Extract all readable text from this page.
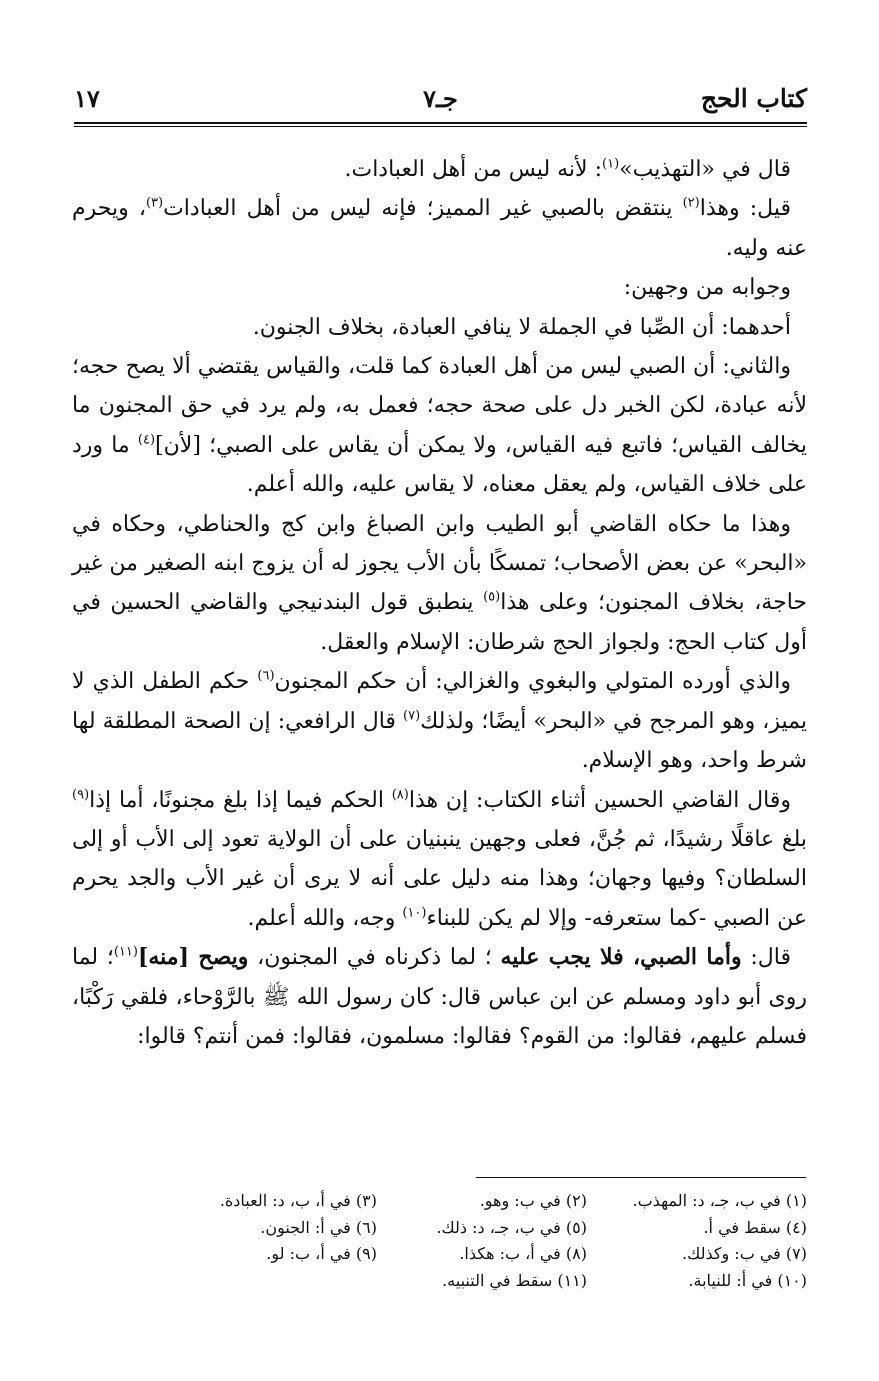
كتاب الحج
جـ٧
١٧

قال في «التهذيب»$^{(١)}$: لأنه ليس من أهل العبادات.

قيل: وهذا$^{(٢)}$ ينتقض بالصبي غير المميز؛ فإنه ليس من أهل العبادات$^{(٣)}$، ويحرم عنه وليه.

وجوابه من وجهين:

أحدهما: أن الصِّبا في الجملة لا ينافي العبادة، بخلاف الجنون.

والثاني: أن الصبي ليس من أهل العبادة كما قلت، والقياس يقتضي ألا يصح حجه؛ لأنه عبادة، لكن الخبر دل على صحة حجه؛ فعمل به، ولم يرد في حق المجنون ما يخالف القياس؛ فاتبع فيه القياس، ولا يمكن أن يقاس على الصبي؛ [لأن]$^{(٤)}$ ما ورد على خلاف القياس، ولم يعقل معناه، لا يقاس عليه، والله أعلم.

وهذا ما حكاه القاضي أبو الطيب وابن الصباغ وابن كج والحناطي، وحكاه في «البحر» عن بعض الأصحاب؛ تمسكًا بأن الأب يجوز له أن يزوج ابنه الصغير من غير حاجة، بخلاف المجنون؛ وعلى هذا$^{(٥)}$ ينطبق قول البندنيجي والقاضي الحسين في أول كتاب الحج: ولجواز الحج شرطان: الإسلام والعقل.

والذي أورده المتولي والبغوي والغزالي: أن حكم المجنون$^{(٦)}$ حكم الطفل الذي لا يميز، وهو المرجح في «البحر» أيضًا؛ ولذلك$^{(٧)}$ قال الرافعي: إن الصحة المطلقة لها شرط واحد، وهو الإسلام.

وقال القاضي الحسين أثناء الكتاب: إن هذا$^{(٨)}$ الحكم فيما إذا بلغ مجنونًا، أما إذا$^{(٩)}$ بلغ عاقلًا رشيدًا، ثم جُنَّ، فعلى وجهين ينبنيان على أن الولاية تعود إلى الأب أو إلى السلطان؟ وفيها وجهان؛ وهذا منه دليل على أنه لا يرى أن غير الأب والجد يحرم عن الصبي -كما ستعرفه- وإلا لم يكن للبناء$^{(١٠)}$ وجه، والله أعلم.

قال: وأما الصبي، فلا يجب عليه ؛ لما ذكرناه في المجنون، ويصح [منه]$^{(١١)}$؛ لما روى أبو داود ومسلم عن ابن عباس قال: كان رسول الله ﷺ بالرَّوْحاء، فلقي رَكْبًا، فسلم عليهم، فقالوا: من القوم؟ فقالوا: مسلمون، فقالوا: فمن أنتم؟ قالوا:

(١) في ب، جـ، د: المهذب.
(٢) في ب: وهو.
(٣) في أ، ب، د: العبادة.
(٤) سقط في أ.
(٥) في ب، جـ، د: ذلك.
(٦) في أ: الجنون.
(٧) في ب: وكذلك.
(٨) في أ، ب: هكذا.
(٩) في أ، ب: لو.
(١٠) في أ: للنيابة.
(١١) سقط في التنبيه.
